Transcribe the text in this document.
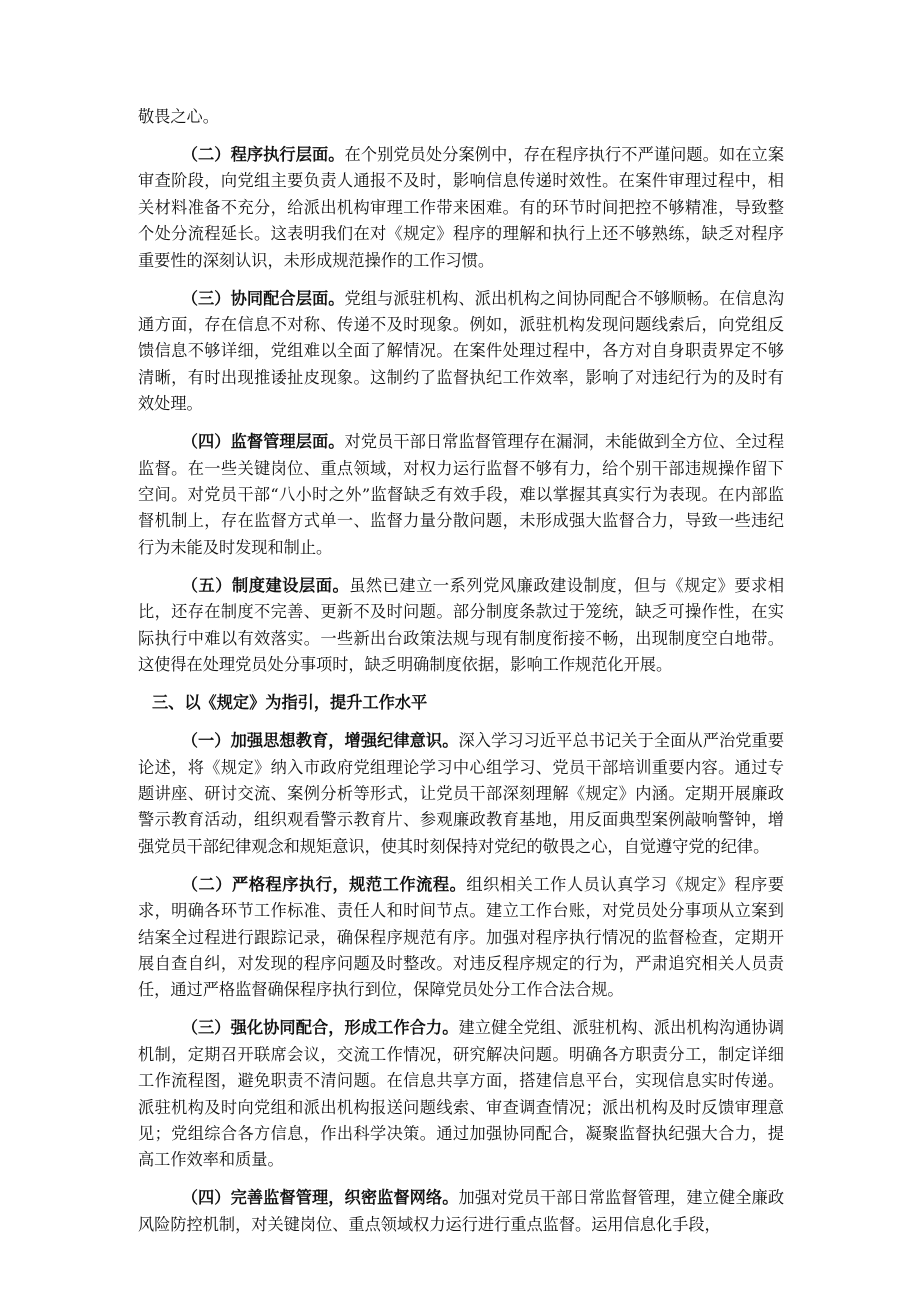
敬畏之心。

（二）程序执行层面。在个别党员处分案例中，存在程序执行不严谨问题。如在立案审查阶段，向党组主要负责人通报不及时，影响信息传递时效性。在案件审理过程中，相关材料准备不充分，给派出机构审理工作带来困难。有的环节时间把控不够精准，导致整个处分流程延长。这表明我们在对《规定》程序的理解和执行上还不够熟练，缺乏对程序重要性的深刻认识，未形成规范操作的工作习惯。

（三）协同配合层面。党组与派驻机构、派出机构之间协同配合不够顺畅。在信息沟通方面，存在信息不对称、传递不及时现象。例如，派驻机构发现问题线索后，向党组反馈信息不够详细，党组难以全面了解情况。在案件处理过程中，各方对自身职责界定不够清晰，有时出现推诿扯皮现象。这制约了监督执纪工作效率，影响了对违纪行为的及时有效处理。

（四）监督管理层面。对党员干部日常监督管理存在漏洞，未能做到全方位、全过程监督。在一些关键岗位、重点领域，对权力运行监督不够有力，给个别干部违规操作留下空间。对党员干部“八小时之外”监督缺乏有效手段，难以掌握其真实行为表现。在内部监督机制上，存在监督方式单一、监督力量分散问题，未形成强大监督合力，导致一些违纪行为未能及时发现和制止。

（五）制度建设层面。虽然已建立一系列党风廉政建设制度，但与《规定》要求相比，还存在制度不完善、更新不及时问题。部分制度条款过于笼统，缺乏可操作性，在实际执行中难以有效落实。一些新出台政策法规与现有制度衔接不畅，出现制度空白地带。这使得在处理党员处分事项时，缺乏明确制度依据，影响工作规范化开展。

三、以《规定》为指引，提升工作水平

（一）加强思想教育，增强纪律意识。深入学习习近平总书记关于全面从严治党重要论述，将《规定》纳入市政府党组理论学习中心组学习、党员干部培训重要内容。通过专题讲座、研讨交流、案例分析等形式，让党员干部深刻理解《规定》内涵。定期开展廉政警示教育活动，组织观看警示教育片、参观廉政教育基地，用反面典型案例敲响警钟，增强党员干部纪律观念和规矩意识，使其时刻保持对党纪的敬畏之心，自觉遵守党的纪律。

（二）严格程序执行，规范工作流程。组织相关工作人员认真学习《规定》程序要求，明确各环节工作标准、责任人和时间节点。建立工作台账，对党员处分事项从立案到结案全过程进行跟踪记录，确保程序规范有序。加强对程序执行情况的监督检查，定期开展自查自纠，对发现的程序问题及时整改。对违反程序规定的行为，严肃追究相关人员责任，通过严格监督确保程序执行到位，保障党员处分工作合法合规。

（三）强化协同配合，形成工作合力。建立健全党组、派驻机构、派出机构沟通协调机制，定期召开联席会议，交流工作情况，研究解决问题。明确各方职责分工，制定详细工作流程图，避免职责不清问题。在信息共享方面，搭建信息平台，实现信息实时传递。派驻机构及时向党组和派出机构报送问题线索、审查调查情况；派出机构及时反馈审理意见；党组综合各方信息，作出科学决策。通过加强协同配合，凝聚监督执纪强大合力，提高工作效率和质量。

（四）完善监督管理，织密监督网络。加强对党员干部日常监督管理，建立健全廉政风险防控机制，对关键岗位、重点领域权力运行进行重点监督。运用信息化手段，
